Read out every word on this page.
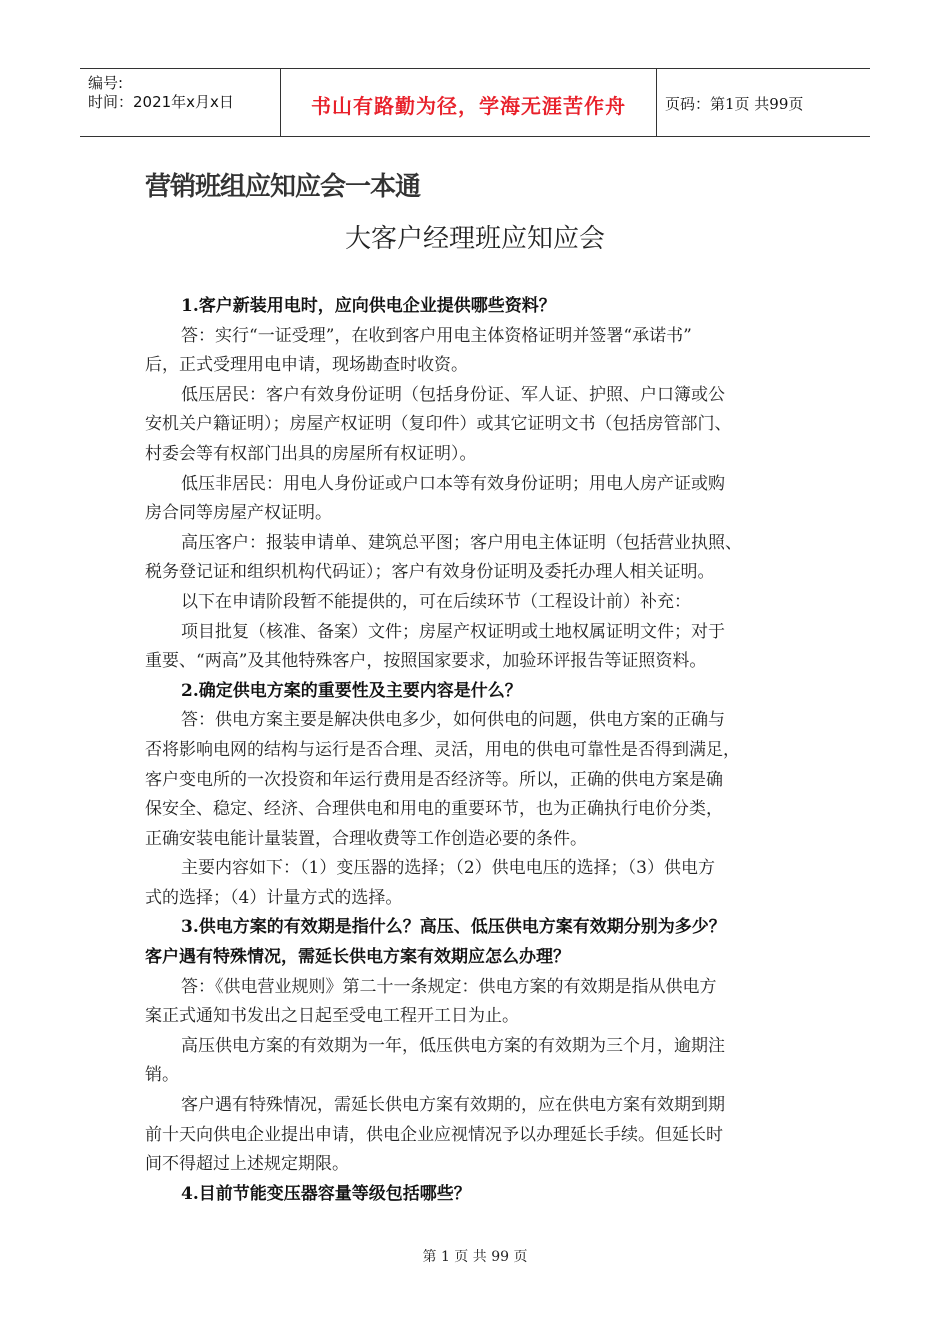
编号:
时间：2021年x月x日	书山有路勤为径，学海无涯苦作舟	页码：第1页 共99页
营销班组应知应会一本通
大客户经理班应知应会
1.客户新装用电时，应向供电企业提供哪些资料？
答：实行“一证受理”，在收到客户用电主体资格证明并签署“承诺书”
后，正式受理用电申请，现场勘查时收资。
低压居民：客户有效身份证明（包括身份证、军人证、护照、户口簿或公
安机关户籍证明）；房屋产权证明（复印件）或其它证明文书（包括房管部门、
村委会等有权部门出具的房屋所有权证明）。
低压非居民：用电人身份证或户口本等有效身份证明；用电人房产证或购
房合同等房屋产权证明。
高压客户：报装申请单、建筑总平图；客户用电主体证明（包括营业执照、
税务登记证和组织机构代码证）；客户有效身份证明及委托办理人相关证明。
以下在申请阶段暂不能提供的，可在后续环节（工程设计前）补充：
项目批复（核准、备案）文件；房屋产权证明或土地权属证明文件；对于
重要、“两高”及其他特殊客户，按照国家要求，加验环评报告等证照资料。
2.确定供电方案的重要性及主要内容是什么？
答：供电方案主要是解决供电多少，如何供电的问题，供电方案的正确与
否将影响电网的结构与运行是否合理、灵活，用电的供电可靠性是否得到满足，
客户变电所的一次投资和年运行费用是否经济等。所以，正确的供电方案是确
保安全、稳定、经济、合理供电和用电的重要环节，也为正确执行电价分类，
正确安装电能计量装置，合理收费等工作创造必要的条件。
主要内容如下：（1）变压器的选择；（2）供电电压的选择；（3）供电方
式的选择；（4）计量方式的选择。
3.供电方案的有效期是指什么？高压、低压供电方案有效期分别为多少？
客户遇有特殊情况，需延长供电方案有效期应怎么办理？
答：《供电营业规则》第二十一条规定：供电方案的有效期是指从供电方
案正式通知书发出之日起至受电工程开工日为止。
高压供电方案的有效期为一年，低压供电方案的有效期为三个月，逾期注
销。
客户遇有特殊情况，需延长供电方案有效期的，应在供电方案有效期到期
前十天向供电企业提出申请，供电企业应视情况予以办理延长手续。但延长时
间不得超过上述规定期限。
4.目前节能变压器容量等级包括哪些？
第 1 页 共 99 页
